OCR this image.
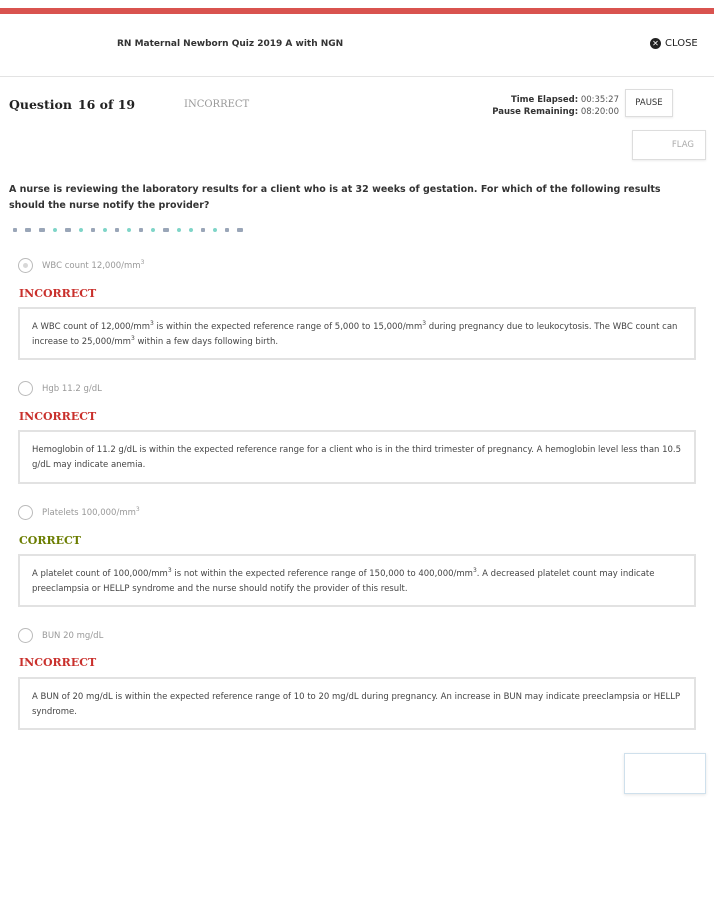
RN Maternal Newborn Quiz 2019 A with NGN	✕ CLOSE
Question 16 of 19	INCORRECT	Time Elapsed: 00:35:27
Pause Remaining: 08:20:00
PAUSE
FLAG
A nurse is reviewing the laboratory results for a client who is at 32 weeks of gestation. For which of the following results should the nurse notify the provider?
WBC count $12,000/mm^3$
INCORRECT
A WBC count of $12,000/mm^3$ is within the expected reference range of 5,000 to $15,000/mm^3$ during pregnancy due to leukocytosis. The WBC count can increase to $25,000/mm^3$ within a few days following birth.
Hgb 11.2 g/dL
INCORRECT
Hemoglobin of 11.2 g/dL is within the expected reference range for a client who is in the third trimester of pregnancy. A hemoglobin level less than 10.5 g/dL may indicate anemia.
Platelets $100,000/mm^3$
CORRECT
A platelet count of $100,000/mm^3$ is not within the expected reference range of 150,000 to $400,000/mm^3$. A decreased platelet count may indicate preeclampsia or HELLP syndrome and the nurse should notify the provider of this result.
BUN 20 mg/dL
INCORRECT
A BUN of 20 mg/dL is within the expected reference range of 10 to 20 mg/dL during pregnancy. An increase in BUN may indicate preeclampsia or HELLP syndrome.
